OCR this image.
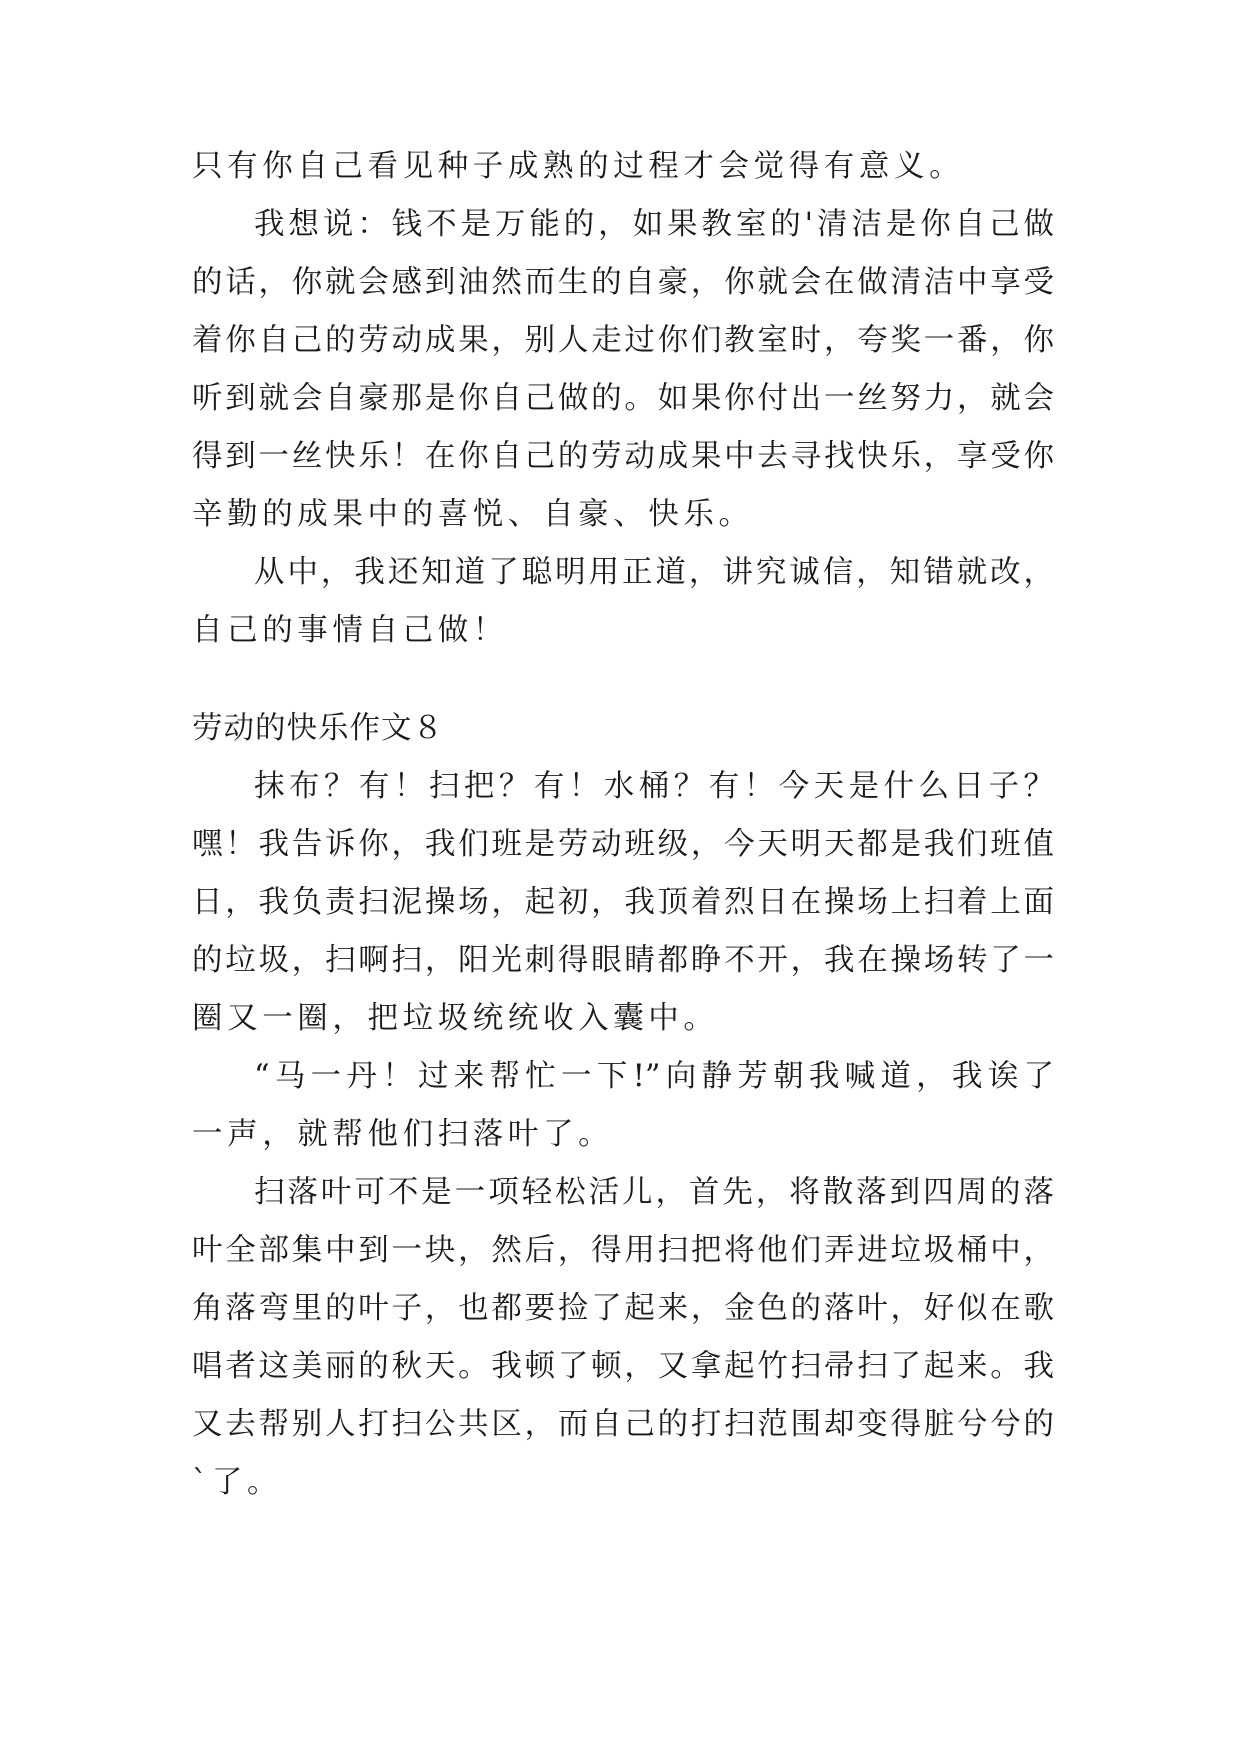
只有你自己看见种子成熟的过程才会觉得有意义。
我想说：钱不是万能的，如果教室的'清洁是你自己做
的话，你就会感到油然而生的自豪，你就会在做清洁中享受
着你自己的劳动成果，别人走过你们教室时，夸奖一番，你
听到就会自豪那是你自己做的。如果你付出一丝努力，就会
得到一丝快乐！在你自己的劳动成果中去寻找快乐，享受你
辛勤的成果中的喜悦、自豪、快乐。
从中，我还知道了聪明用正道，讲究诚信，知错就改，
自己的事情自己做！
劳动的快乐作文８
抹布？有！扫把？有！水桶？有！今天是什么日子？
嘿！我告诉你，我们班是劳动班级，今天明天都是我们班值
日，我负责扫泥操场，起初，我顶着烈日在操场上扫着上面
的垃圾，扫啊扫，阳光刺得眼睛都睁不开，我在操场转了一
圈又一圈，把垃圾统统收入囊中。
“马一丹！过来帮忙一下!”向静芳朝我喊道，我诶了
一声，就帮他们扫落叶了。
扫落叶可不是一项轻松活儿，首先，将散落到四周的落
叶全部集中到一块，然后，得用扫把将他们弄进垃圾桶中，
角落弯里的叶子，也都要捡了起来，金色的落叶，好似在歌
唱者这美丽的秋天。我顿了顿，又拿起竹扫帚扫了起来。我
又去帮别人打扫公共区，而自己的打扫范围却变得脏兮兮的
`了。
